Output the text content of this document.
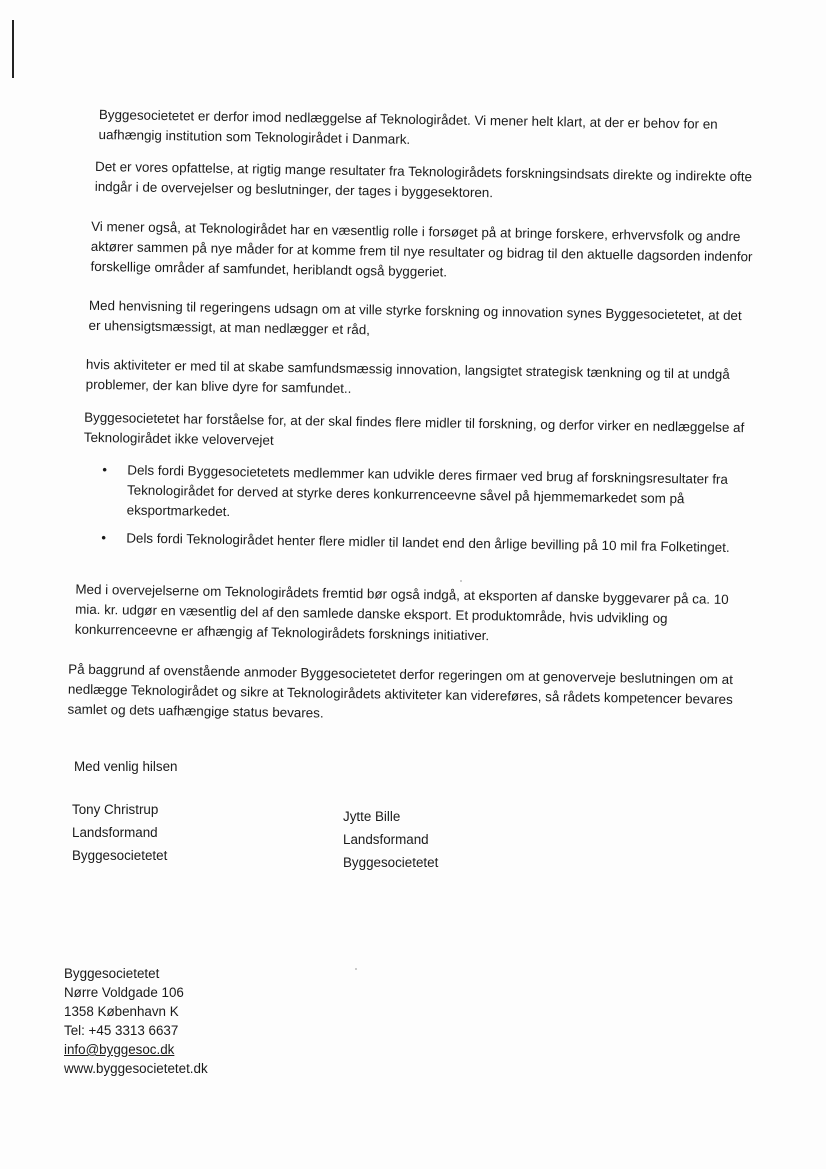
Byggesocietetet er derfor imod nedlæggelse af Teknologirådet. Vi mener helt klart, at der er behov for en uafhængig institution som Teknologirådet i Danmark.

Det er vores opfattelse, at rigtig mange resultater fra Teknologirådets forskningsindsats direkte og indirekte ofte indgår i de overvejelser og beslutninger, der tages i byggesektoren.

Vi mener også, at Teknologirådet har en væsentlig rolle i forsøget på at bringe forskere, erhvervsfolk og andre aktører sammen på nye måder for at komme frem til nye resultater og bidrag til den aktuelle dagsorden indenfor forskellige områder af samfundet, heriblandt også byggeriet.

Med henvisning til regeringens udsagn om at ville styrke forskning og innovation synes Byggesocietetet, at det er uhensigtsmæssigt, at man nedlægger et råd,

hvis aktiviteter er med til at skabe samfundsmæssig innovation, langsigtet strategisk tænkning og til at undgå problemer, der kan blive dyre for samfundet..

Byggesocietetet har forståelse for, at der skal findes flere midler til forskning, og derfor virker en nedlæggelse af Teknologirådet ikke velovervejet

• Dels fordi Byggesocietetets medlemmer kan udvikle deres firmaer ved brug af forskningsresultater fra Teknologirådet for derved at styrke deres konkurrenceevne såvel på hjemmemarkedet som på eksportmarkedet.
• Dels fordi Teknologirådet henter flere midler til landet end den årlige bevilling på 10 mil fra Folketinget.

Med i overvejelserne om Teknologirådets fremtid bør også indgå, at eksporten af danske byggevarer på ca. 10 mia. kr. udgør en væsentlig del af den samlede danske eksport. Et produktområde, hvis udvikling og konkurrenceevne er afhængig af Teknologirådets forsknings initiativer.

På baggrund af ovenstående anmoder Byggesocietetet derfor regeringen om at genoverveje beslutningen om at nedlægge Teknologirådet og sikre at Teknologirådets aktiviteter kan videreføres, så rådets kompetencer bevares samlet og dets uafhængige status bevares.

Med venlig hilsen
Tony Christrup
Landsformand
Byggesocietetet
Jytte Bille
Landsformand
Byggesocietetet
Byggesocietetet
Nørre Voldgade 106
1358 København K
Tel: +45 3313 6637
info@byggesoc.dk
www.byggesocietetet.dk
